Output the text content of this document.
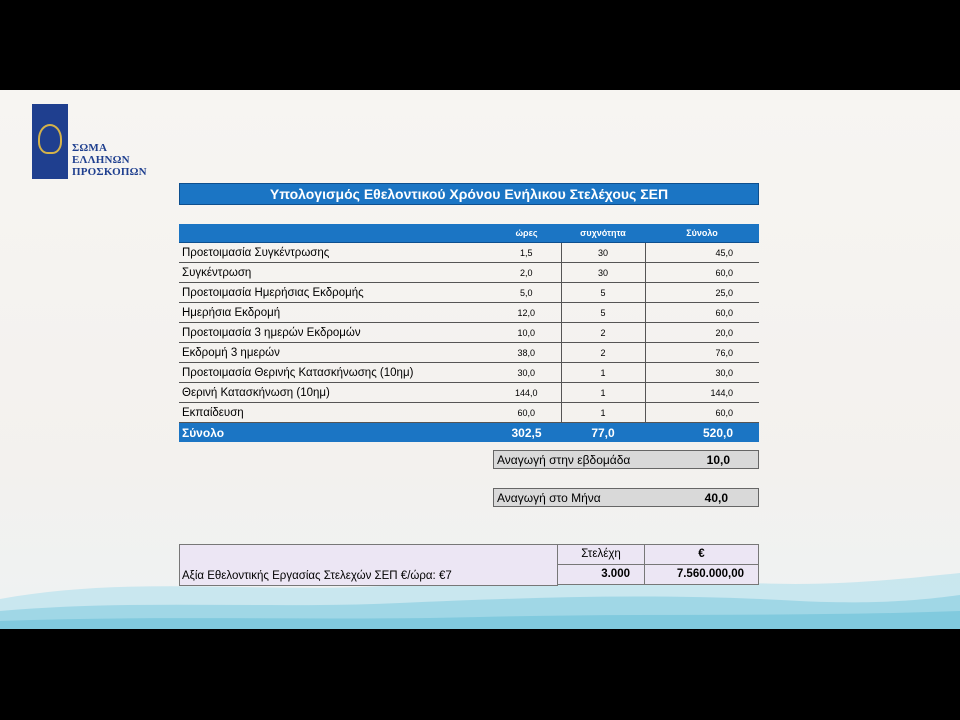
ΣΩΜΑ
ΕΛΛΗΝΩΝ
ΠΡΟΣΚΟΠΩΝ
Υπολογισμός Εθελοντικού Χρόνου Ενήλικου Στελέχους ΣΕΠ
	ώρες	συχνότητα	Σύνολο
Προετοιμασία Συγκέντρωσης	1,5	30	45,0
Συγκέντρωση	2,0	30	60,0
Προετοιμασία Ημερήσιας Εκδρομής	5,0	5	25,0
Ημερήσια Εκδρομή	12,0	5	60,0
Προετοιμασία 3 ημερών Εκδρομών	10,0	2	20,0
Εκδρομή 3 ημερών	38,0	2	76,0
Προετοιμασία Θερινής Κατασκήνωσης (10ημ)	30,0	1	30,0
Θερινή Κατασκήνωση (10ημ)	144,0	1	144,0
Εκπαίδευση	60,0	1	60,0
Σύνολο	302,5	77,0	520,0
Αναγωγή στην εβδομάδα	10,0
Αναγωγή στο Μήνα	40,0
Αξία Εθελοντικής Εργασίας Στελεχών ΣΕΠ €/ώρα: €7
Στελέχη	€
3.000	7.560.000,00
